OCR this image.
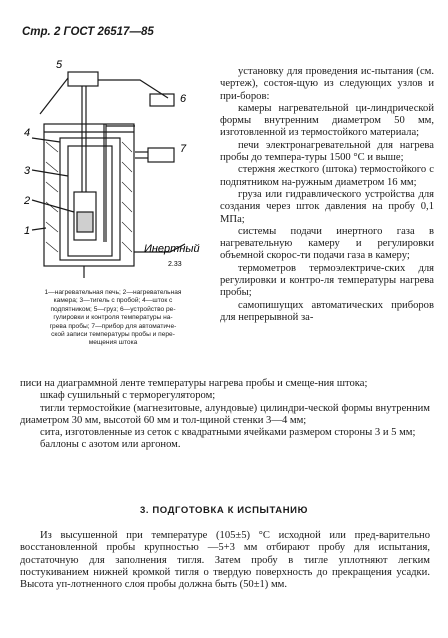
Стр. 2 ГОСТ 26517—85
5
6
7
4
3
2
1
Инертный
2.33
1—нагревательная печь; 2—нагревательная
камера; 3—тигель с пробой; 4—шток с
подпятником; 5—груз; 6—устройство ре-
гулировки и контроля температуры на-
грева пробы; 7—прибор для автоматиче-
ской записи температуры пробы и пере-
мещения штока

установку для проведения ис-пытания (см. чертеж), состоя-щую из следующих узлов и при-боров:

камеры нагревательной ци-линдрической формы внутренним диаметром 50 мм, изготовленной из термостойкого материала;

печи электронагревательной для нагрева пробы до темпера-туры 1500 °С и выше;

стержня жесткого (штока) термостойкого с подпятником на-ружным диаметром 16 мм;

груза или гидравлического устройства для создания через шток давления на пробу 0,1 МПа;

системы подачи инертного газа в нагревательную камеру и регулировки объемной скорос-ти подачи газа в камеру;

термометров термоэлектриче-ских для регулировки и контро-ля температуры нагрева пробы;

самопишущих автоматических приборов для непрерывной за-

писи на диаграммной ленте температуры нагрева пробы и смеще-ния штока;

шкаф сушильный с терморегулятором;

тигли термостойкие (магнезитовые, алундовые) цилиндри-ческой формы внутренним диаметром 30 мм, высотой 60 мм и тол-щиной стенки 3—4 мм;

сита, изготовленные из сеток с квадратными ячейками размером стороны 3 и 5 мм;

баллоны с азотом или аргоном.

3. ПОДГОТОВКА К ИСПЫТАНИЮ

Из высушенной при температуре (105±5) °С исходной или пред-варительно восстановленной пробы крупностью —5+3 мм отбирают пробу для испытания, достаточную для заполнения тигля. Затем пробу в тигле уплотняют легким постукиванием нижней кромкой тигля о твердую поверхность до прекращения усадки. Высота уп-лотненного слоя пробы должна быть (50±1) мм.
